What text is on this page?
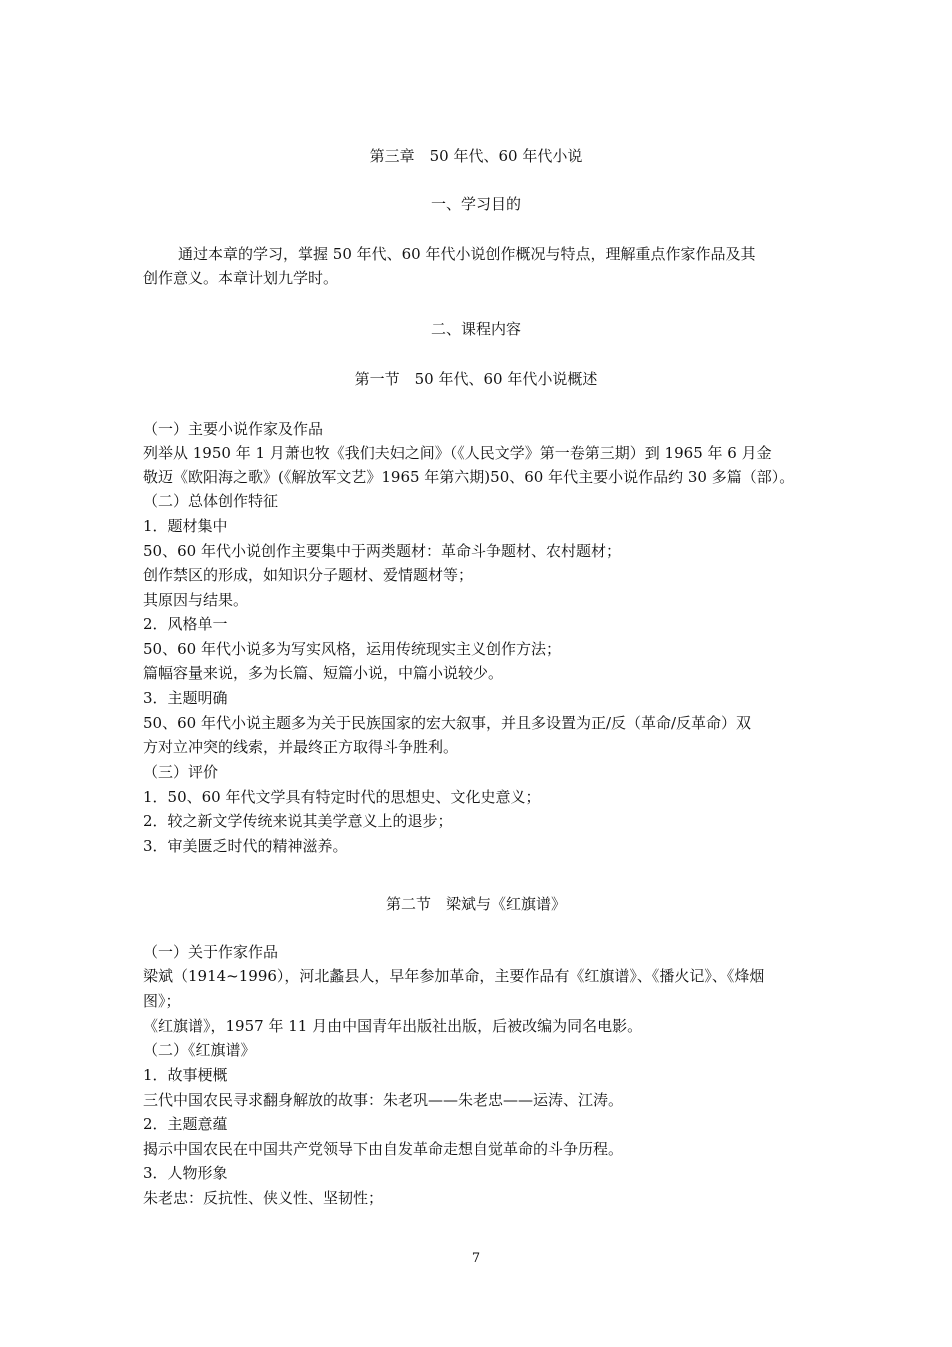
第三章　50 年代、60 年代小说
一、学习目的
通过本章的学习，掌握 50 年代、60 年代小说创作概况与特点，理解重点作家作品及其
创作意义。本章计划九学时。
二、课程内容
第一节　50 年代、60 年代小说概述
（一）主要小说作家及作品
列举从 1950 年 1 月萧也牧《我们夫妇之间》（《人民文学》第一卷第三期）到 1965 年 6 月金
敬迈《欧阳海之歌》(《解放军文艺》1965 年第六期)50、60 年代主要小说作品约 30 多篇（部）。
（二）总体创作特征
1．题材集中
50、60 年代小说创作主要集中于两类题材：革命斗争题材、农村题材；
创作禁区的形成，如知识分子题材、爱情题材等；
其原因与结果。
2．风格单一
50、60 年代小说多为写实风格，运用传统现实主义创作方法；
篇幅容量来说，多为长篇、短篇小说，中篇小说较少。
3．主题明确
50、60 年代小说主题多为关于民族国家的宏大叙事，并且多设置为正/反（革命/反革命）双
方对立冲突的线索，并最终正方取得斗争胜利。
（三）评价
1．50、60 年代文学具有特定时代的思想史、文化史意义；
2．较之新文学传统来说其美学意义上的退步；
3．审美匮乏时代的精神滋养。
第二节　梁斌与《红旗谱》
（一）关于作家作品
梁斌（1914~1996），河北蠡县人，早年参加革命，主要作品有《红旗谱》、《播火记》、《烽烟
图》；
《红旗谱》，1957 年 11 月由中国青年出版社出版，后被改编为同名电影。
（二）《红旗谱》
1．故事梗概
三代中国农民寻求翻身解放的故事：朱老巩——朱老忠——运涛、江涛。
2．主题意蕴
揭示中国农民在中国共产党领导下由自发革命走想自觉革命的斗争历程。
3．人物形象
朱老忠：反抗性、侠义性、坚韧性；
7
